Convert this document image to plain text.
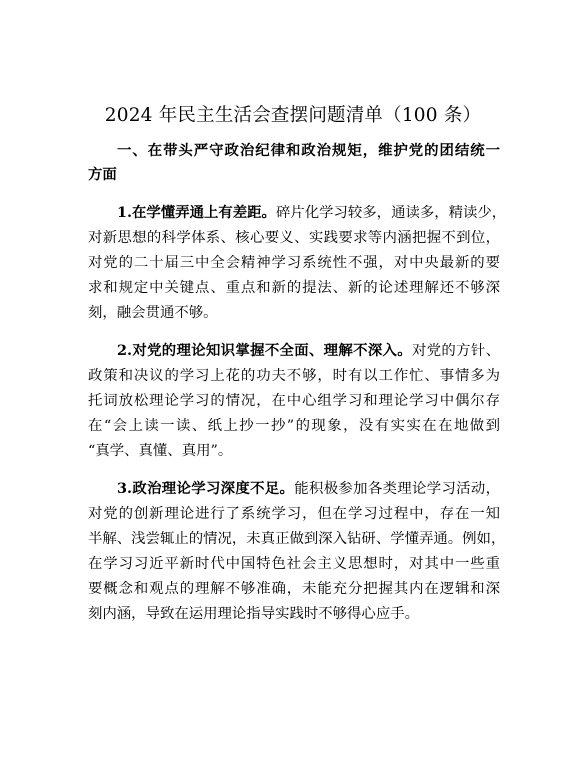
2024 年民主生活会查摆问题清单（100 条）
一、在带头严守政治纪律和政治规矩，维护党的团结统一
方面
1.在学懂弄通上有差距。碎片化学习较多，通读多，精读少，
对新思想的科学体系、核心要义、实践要求等内涵把握不到位，
对党的二十届三中全会精神学习系统性不强，对中央最新的要
求和规定中关键点、重点和新的提法、新的论述理解还不够深
刻，融会贯通不够。
2.对党的理论知识掌握不全面、理解不深入。对党的方针、
政策和决议的学习上花的功夫不够，时有以工作忙、事情多为
托词放松理论学习的情况，在中心组学习和理论学习中偶尔存
在“会上读一读、纸上抄一抄”的现象，没有实实在在地做到
“真学、真懂、真用”。
3.政治理论学习深度不足。能积极参加各类理论学习活动，
对党的创新理论进行了系统学习，但在学习过程中，存在一知
半解、浅尝辄止的情况，未真正做到深入钻研、学懂弄通。例如，
在学习习近平新时代中国特色社会主义思想时，对其中一些重
要概念和观点的理解不够准确，未能充分把握其内在逻辑和深
刻内涵，导致在运用理论指导实践时不够得心应手。
